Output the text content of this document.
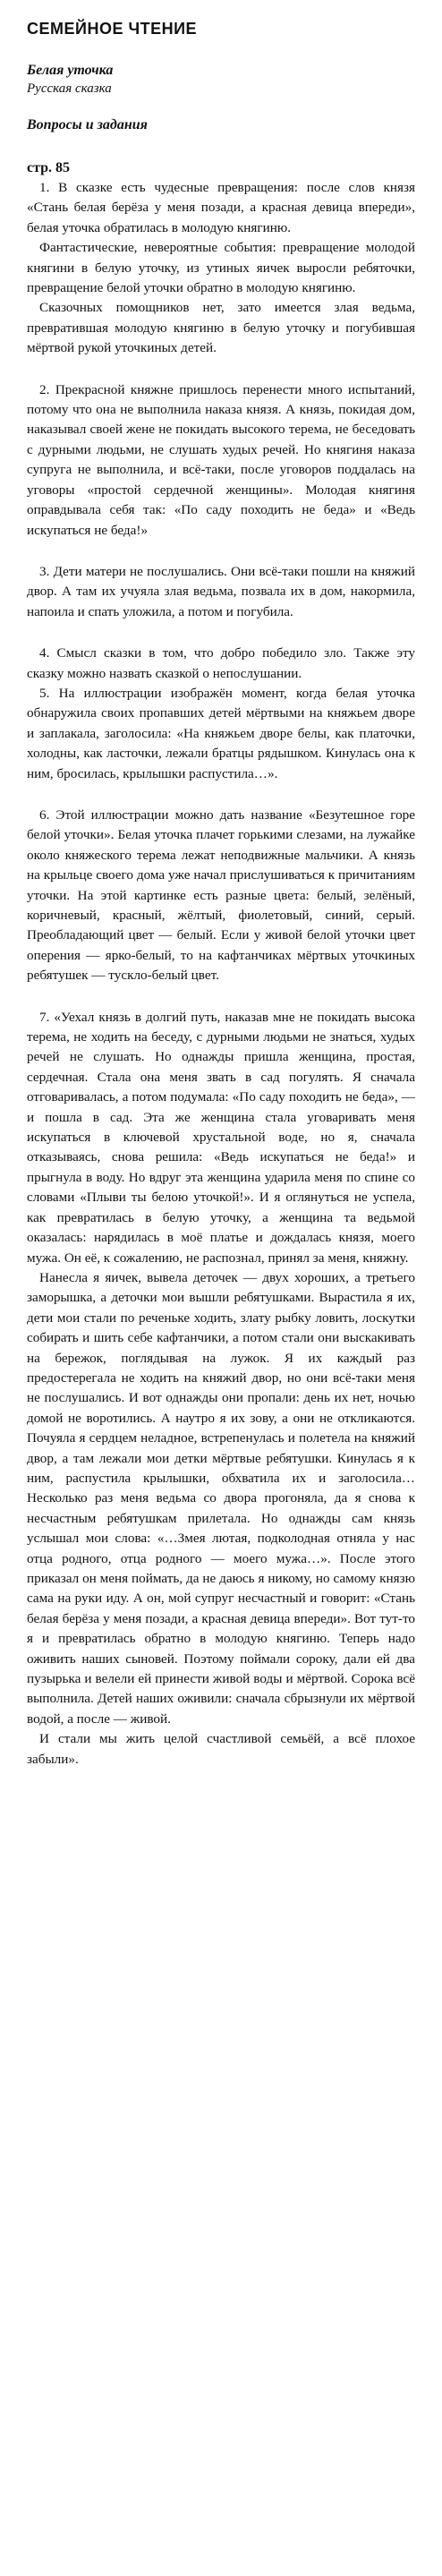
СЕМЕЙНОЕ ЧТЕНИЕ
Белая уточка
Русская сказка
Вопросы и задания
стр. 85

1. В сказке есть чудесные превращения: после слов князя «Стань белая берёза у меня позади, а красная девица впереди», белая уточка обратилась в молодую княгиню.

Фантастические, невероятные события: превращение молодой княгини в белую уточку, из утиных яичек выросли ребяточки, превращение белой уточки обратно в молодую княгиню.

Сказочных помощников нет, зато имеется злая ведьма, превратившая молодую княгиню в белую уточку и погубившая мёртвой рукой уточкиных детей.

2. Прекрасной княжне пришлось перенести много испытаний, потому что она не выполнила наказа князя. А князь, покидая дом, наказывал своей жене не покидать высокого терема, не беседовать с дурными людьми, не слушать худых речей. Но княгиня наказа супруга не выполнила, и всё-таки, после уговоров поддалась на уговоры «простой сердечной женщины». Молодая княгиня оправдывала себя так: «По саду походить не беда» и «Ведь искупаться не беда!»

3. Дети матери не послушались. Они всё-таки пошли на княжий двор. А там их учуяла злая ведьма, позвала их в дом, накормила, напоила и спать уложила, а потом и погубила.

4. Смысл сказки в том, что добро победило зло. Также эту сказку можно назвать сказкой о непослушании.

5. На иллюстрации изображён момент, когда белая уточка обнаружила своих пропавших детей мёртвыми на княжьем дворе и заплакала, заголосила: «На княжьем дворе белы, как платочки, холодны, как ласточки, лежали братцы рядышком. Кинулась она к ним, бросилась, крылышки распустила…».

6. Этой иллюстрации можно дать название «Безутешное горе белой уточки». Белая уточка плачет горькими слезами, на лужайке около княжеского терема лежат неподвижные мальчики. А князь на крыльце своего дома уже начал прислушиваться к причитаниям уточки. На этой картинке есть разные цвета: белый, зелёный, коричневый, красный, жёлтый, фиолетовый, синий, серый. Преобладающий цвет — белый. Если у живой белой уточки цвет оперения — ярко-белый, то на кафтанчиках мёртвых уточкиных ребятушек — тускло-белый цвет.

7. «Уехал князь в долгий путь, наказав мне не покидать высока терема, не ходить на беседу, с дурными людьми не знаться, худых речей не слушать. Но однажды пришла женщина, простая, сердечная. Стала она меня звать в сад погулять. Я сначала отговаривалась, а потом подумала: «По саду походить не беда», — и пошла в сад. Эта же женщина стала уговаривать меня искупаться в ключевой хрустальной воде, но я, сначала отказываясь, снова решила: «Ведь искупаться не беда!» и прыгнула в воду. Но вдруг эта женщина ударила меня по спине со словами «Плыви ты белою уточкой!». И я оглянуться не успела, как превратилась в белую уточку, а женщина та ведьмой оказалась: нарядилась в моё платье и дождалась князя, моего мужа. Он её, к сожалению, не распознал, принял за меня, княжну.

Нанесла я яичек, вывела деточек — двух хороших, а третьего заморышка, а деточки мои вышли ребятушками. Вырастила я их, дети мои стали по реченьке ходить, злату рыбку ловить, лоскутки собирать и шить себе кафтанчики, а потом стали они выскакивать на бережок, поглядывая на лужок. Я их каждый раз предостерегала не ходить на княжий двор, но они всё-таки меня не послушались. И вот однажды они пропали: день их нет, ночью домой не воротились. А наутро я их зову, а они не откликаются. Почуяла я сердцем неладное, встрепенулась и полетела на княжий двор, а там лежали мои детки мёртвые ребятушки. Кинулась я к ним, распустила крылышки, обхватила их и заголосила… Несколько раз меня ведьма со двора прогоняла, да я снова к несчастным ребятушкам прилетала. Но однажды сам князь услышал мои слова: «…Змея лютая, подколодная отняла у нас отца родного, отца родного — моего мужа…». После этого приказал он меня поймать, да не даюсь я никому, но самому князю сама на руки иду. А он, мой супруг несчастный и говорит: «Стань белая берёза у меня позади, а красная девица впереди». Вот тут-то я и превратилась обратно в молодую княгиню. Теперь надо оживить наших сыновей. Поэтому поймали сороку, дали ей два пузырька и велели ей принести живой воды и мёртвой. Сорока всё выполнила. Детей наших оживили: сначала сбрызнули их мёртвой водой, а после — живой.

И стали мы жить целой счастливой семьёй, а всё плохое забыли».
